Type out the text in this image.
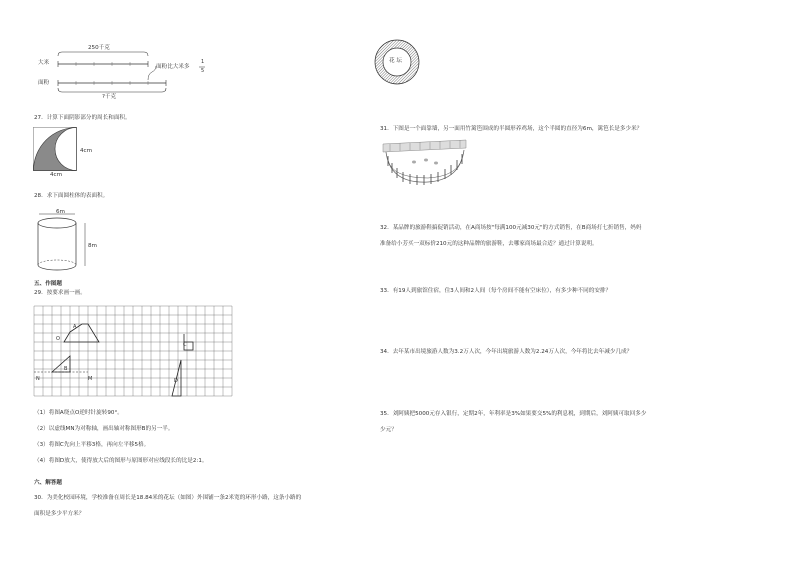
250千克
大米
面粉
面粉比大米多
1
5
?千克
27．计算下面阴影部分的周长和面积。
4cm
4cm
28．求下面圆柱体的表面积。
6m
8m
五、作图题
29．按要求画一画。
A
O
B
N	M
C
D
（1）将图A绕点O逆时针旋转90°。
（2）以虚线MN为对称轴，画出轴对称图形B的另一半。
（3）将图C先向上平移3格，再向左平移5格。
（4）将图D放大，使得放大后的图形与原图形对应线段长的比是2:1。
六、解答题
30．为美化校园环境，学校准备在周长是18.84米的花坛（如图）外围铺一条2米宽的环形小路，这条小路的
面积是多少平方米？
花 坛
31．下图是一个面靠墙，另一面用竹篱笆围成的半圆形养鸡场，这个半圆的直径为6m，篱笆长是多少米？
32．某品牌的旅游鞋搞促销活动，在A商场按"每满100元减30元"的方式销售，在B商场打七折销售，妈妈
准备给小芳买一双标价210元的这种品牌的旅游鞋，去哪家商场最合适？通过计算说明。
33．有19人到旅馆住宿，住3人间和2人间（每个房间不能有空床位），有多少种不同的安排？
34．去年某市出境旅游人数为3.2万人次，今年出境旅游人数为2.24万人次，今年将比去年减少几成？
35．刘阿姨把5000元存入银行，定期2年，年利率是3%如果要交5%的利息税，到期后，刘阿姨可取回多少
少元？
